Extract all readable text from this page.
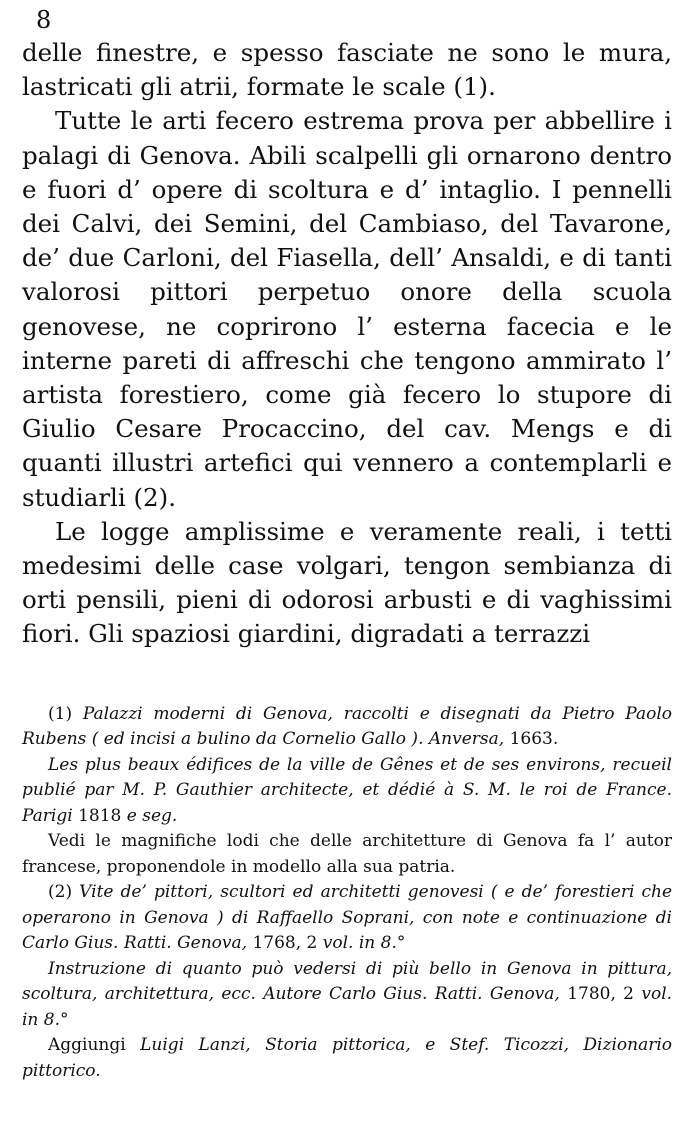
8

delle finestre, e spesso fasciate ne sono le mura, lastricati gli atrii, formate le scale (1).

Tutte le arti fecero estrema prova per abbellire i palagi di Genova. Abili scalpelli gli ornarono dentro e fuori d’ opere di scoltura e d’ intaglio. I pennelli dei Calvi, dei Semini, del Cambiaso, del Tavarone, de’ due Carloni, del Fiasella, dell’ Ansaldi, e di tanti valorosi pittori perpetuo onore della scuola genovese, ne coprirono l’ esterna facecia e le interne pareti di affreschi che tengono ammirato l’ artista forestiero, come già fecero lo stupore di Giulio Cesare Procaccino, del cav. Mengs e di quanti illustri artefici qui vennero a contemplarli e studiarli (2).

Le logge amplissime e veramente reali, i tetti medesimi delle case volgari, tengon sembianza di orti pensili, pieni di odorosi arbusti e di vaghissimi fiori. Gli spaziosi giardini, digradati a terrazzi

(1) Palazzi moderni di Genova, raccolti e disegnati da Pietro Paolo Rubens ( ed incisi a bulino da Cornelio Gallo ). Anversa, 1663.

Les plus beaux édifices de la ville de Gênes et de ses environs, recueil publié par M. P. Gauthier architecte, et dédié à S. M. le roi de France. Parigi 1818 e seg.

Vedi le magnifiche lodi che delle architetture di Genova fa l’ autor francese, proponendole in modello alla sua patria.

(2) Vite de’ pittori, scultori ed architetti genovesi ( e de’ forestieri che operarono in Genova ) di Raffaello Soprani, con note e continuazione di Carlo Gius. Ratti. Genova, 1768, 2 vol. in 8.°

Instruzione di quanto può vedersi di più bello in Genova in pittura, scoltura, architettura, ecc. Autore Carlo Gius. Ratti. Genova, 1780, 2 vol. in 8.°

Aggiungi Luigi Lanzi, Storia pittorica, e Stef. Ticozzi, Dizionario pittorico.
